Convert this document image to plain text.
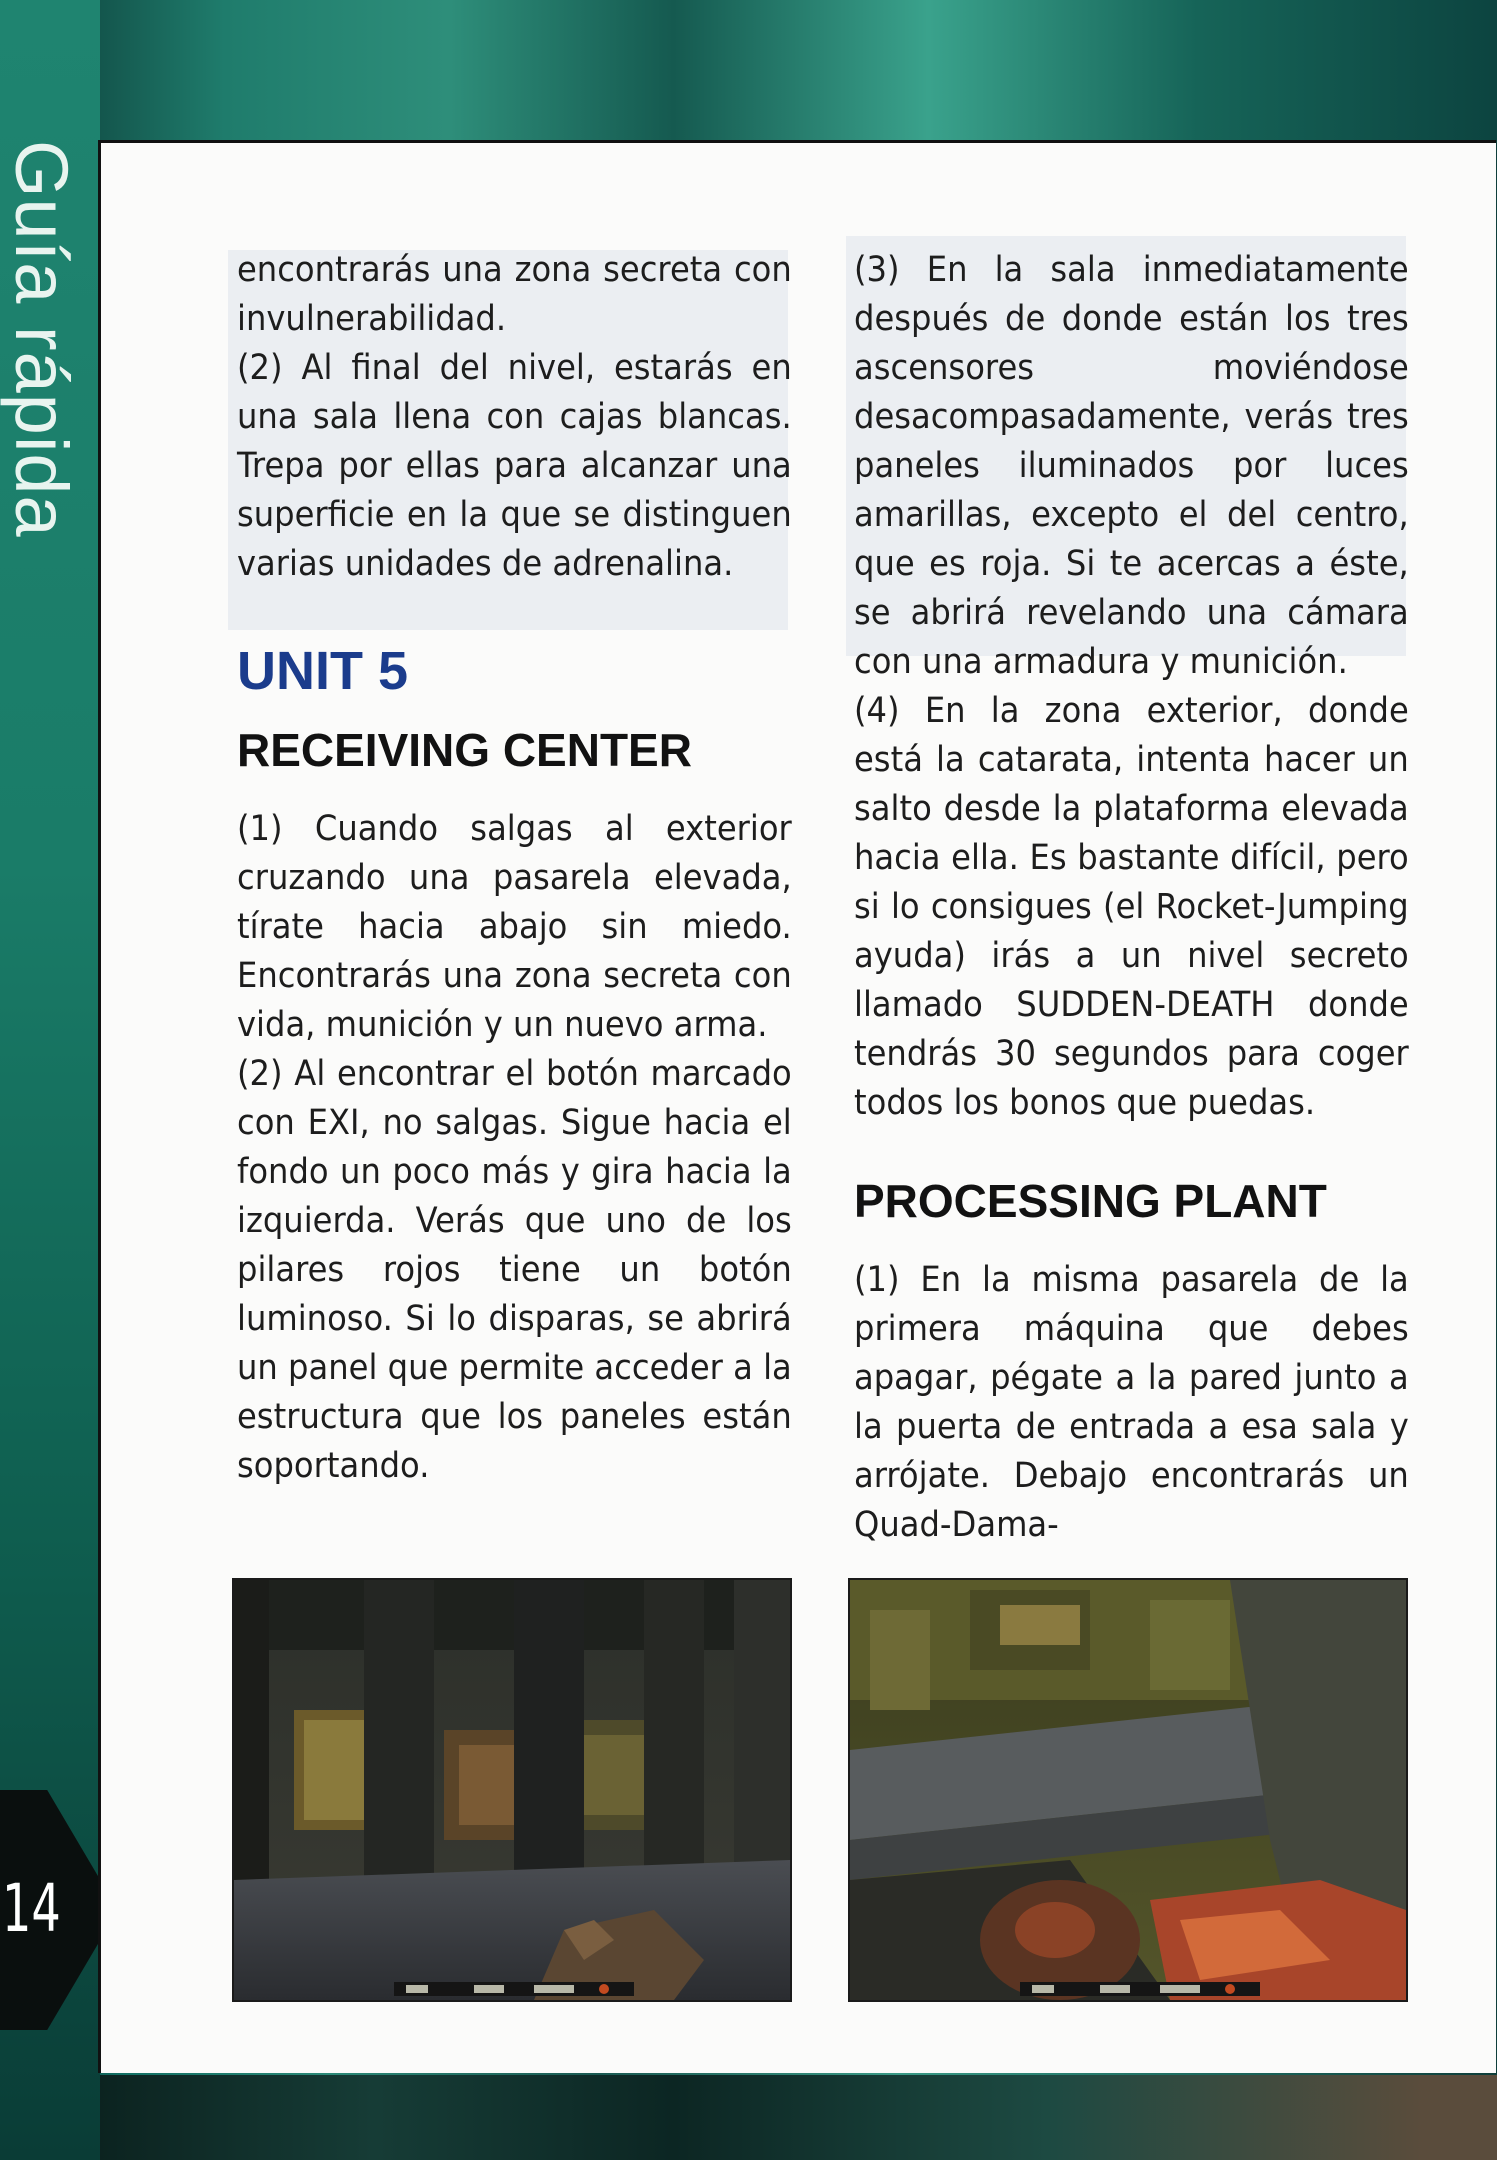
Guía rápida
14

encontrarás una zona secreta con invulnerabilidad.

(2) Al final del nivel, estarás en una sala llena con cajas blancas. Trepa por ellas para alcanzar una superficie en la que se distinguen varias unidades de adrenalina.

UNIT 5
RECEIVING CENTER

(1) Cuando salgas al exterior cruzando una pasarela elevada, tírate hacia abajo sin miedo. Encontrarás una zona secreta con vida, munición y un nuevo arma.

(2) Al encontrar el botón marcado con EXI, no salgas. Sigue hacia el fondo un poco más y gira hacia la izquierda. Verás que uno de los pilares rojos tiene un botón luminoso. Si lo disparas, se abrirá un panel que permite acceder a la estructura que los paneles están soportando.

(3) En la sala inmediatamente después de donde están los tres ascensores moviéndose desacompasadamente, verás tres paneles iluminados por luces amarillas, excepto el del centro, que es roja. Si te acercas a éste, se abrirá revelando una cámara con una armadura y munición.

(4) En la zona exterior, donde está la catarata, intenta hacer un salto desde la plataforma elevada hacia ella. Es bastante difícil, pero si lo consigues (el Rocket-Jumping ayuda) irás a un nivel secreto llamado SUDDEN-DEATH donde tendrás 30 segundos para coger todos los bonos que puedas.

PROCESSING PLANT

(1) En la misma pasarela de la primera máquina que debes apagar, pégate a la pared junto a la puerta de entrada a esa sala y arrójate. Debajo encontrarás un Quad-Dama-
